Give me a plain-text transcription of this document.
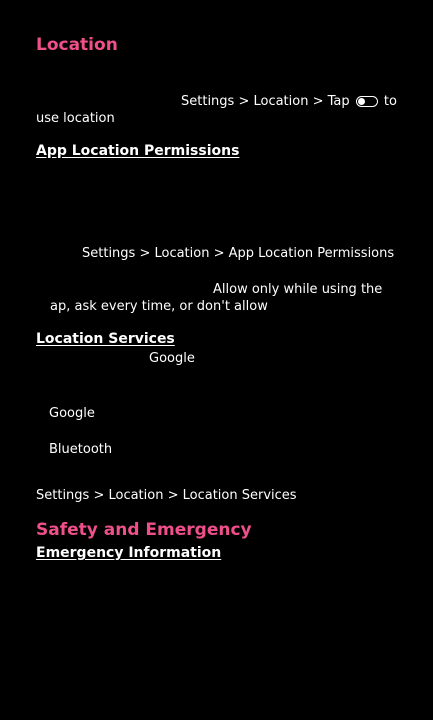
Location
Settings > Location > Tap	to
use location
App Location Permissions
Settings > Location > App Location Permissions
Allow only while using the
ap, ask every time, or don't allow
Location Services
Google
Google
Bluetooth
Settings > Location > Location Services
Safety and Emergency
Emergency Information
